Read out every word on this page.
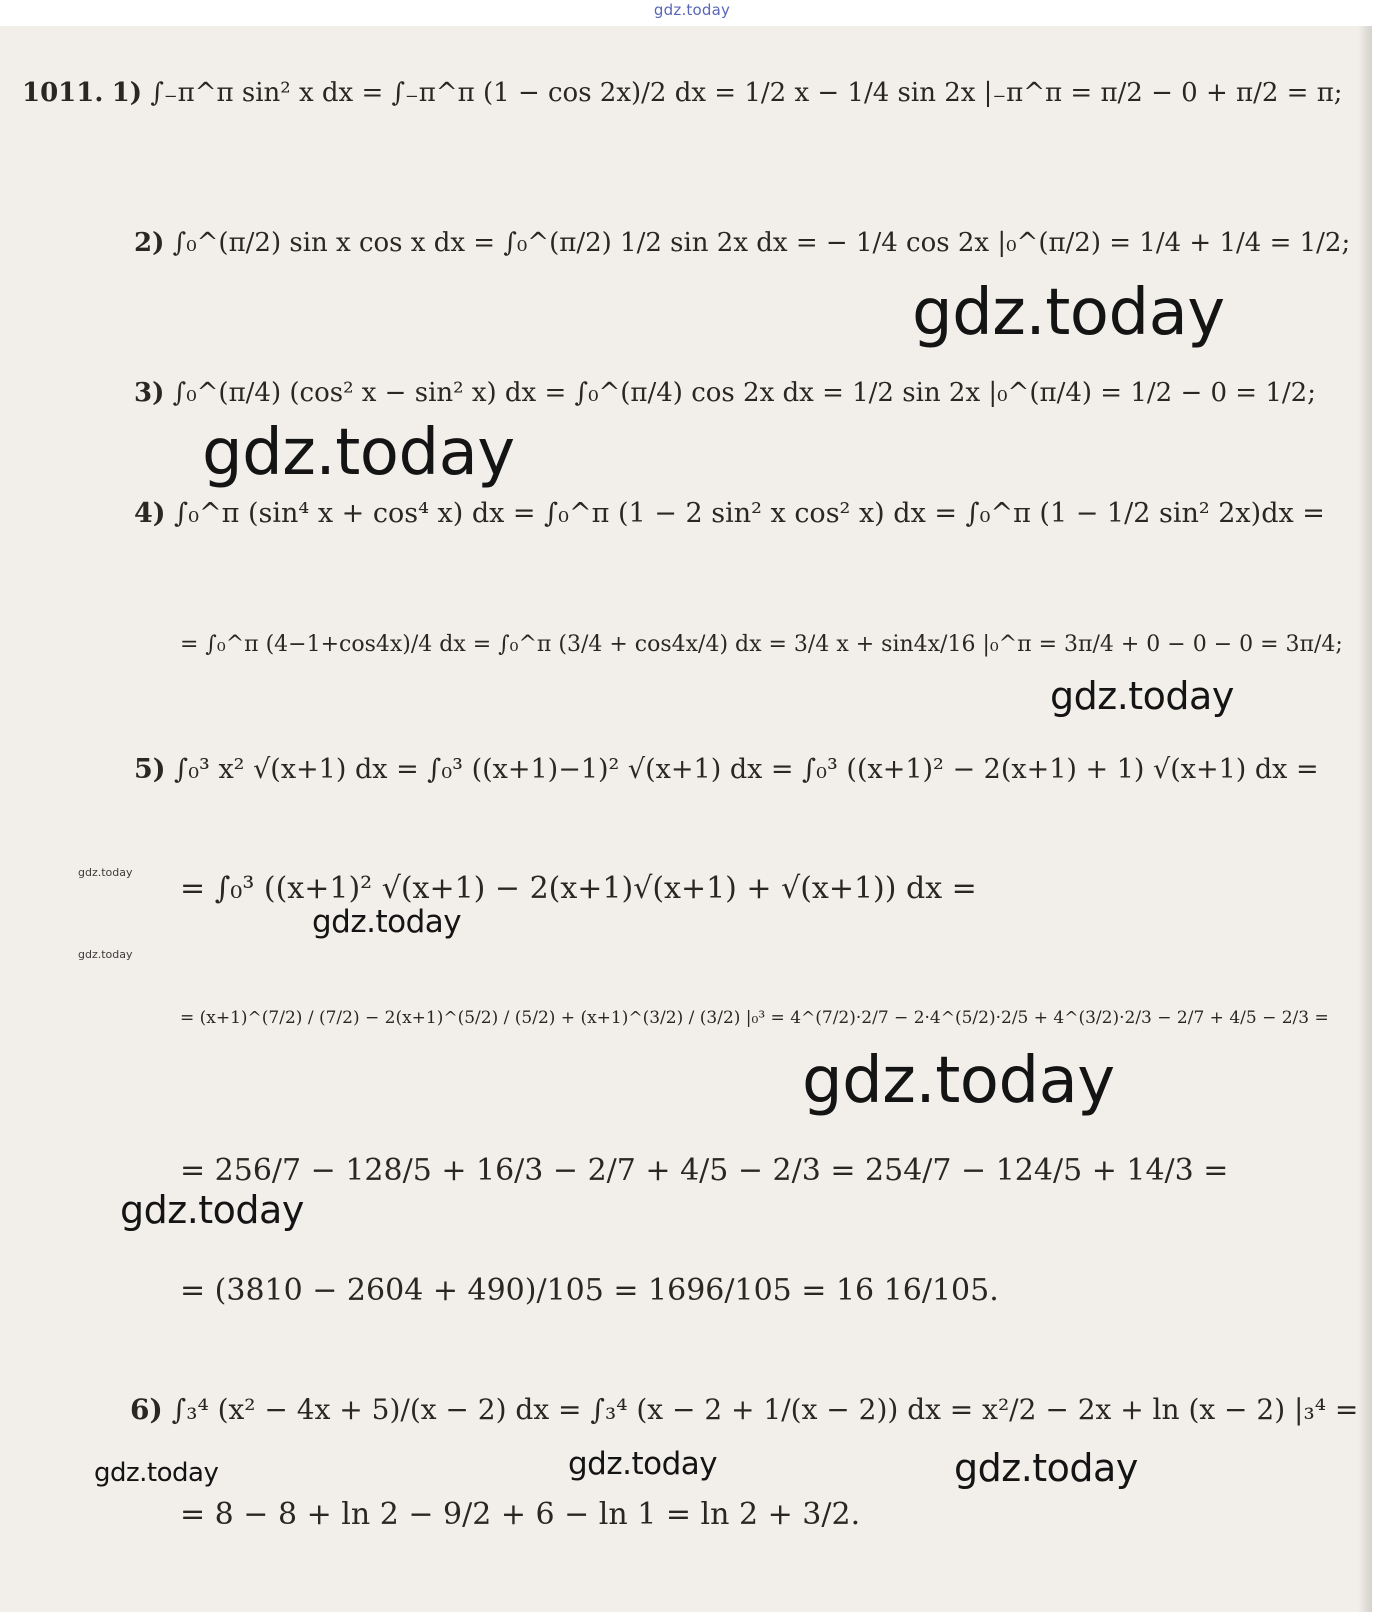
gdz.today
1011. 1) ∫₋π^π sin² x dx = ∫₋π^π (1 − cos 2x)/2 dx = 1/2 x − 1/4 sin 2x |₋π^π = π/2 − 0 + π/2 = π;
2) ∫₀^(π/2) sin x cos x dx = ∫₀^(π/2) 1/2 sin 2x dx = − 1/4 cos 2x |₀^(π/2) = 1/4 + 1/4 = 1/2;
3) ∫₀^(π/4) (cos² x − sin² x) dx = ∫₀^(π/4) cos 2x dx = 1/2 sin 2x |₀^(π/4) = 1/2 − 0 = 1/2;
4) ∫₀^π (sin⁴ x + cos⁴ x) dx = ∫₀^π (1 − 2 sin² x cos² x) dx = ∫₀^π (1 − 1/2 sin² 2x)dx =
= ∫₀^π (4−1+cos4x)/4 dx = ∫₀^π (3/4 + cos4x/4) dx = 3/4 x + sin4x/16 |₀^π = 3π/4 + 0 − 0 − 0 = 3π/4;
5) ∫₀³ x² √(x+1) dx = ∫₀³ ((x+1)−1)² √(x+1) dx = ∫₀³ ((x+1)² − 2(x+1) + 1) √(x+1) dx =
= ∫₀³ ((x+1)² √(x+1) − 2(x+1)√(x+1) + √(x+1)) dx =
= (x+1)^(7/2) / (7/2) − 2(x+1)^(5/2) / (5/2) + (x+1)^(3/2) / (3/2) |₀³ = 4^(7/2)·2/7 − 2·4^(5/2)·2/5 + 4^(3/2)·2/3 − 2/7 + 4/5 − 2/3 =
= 256/7 − 128/5 + 16/3 − 2/7 + 4/5 − 2/3 = 254/7 − 124/5 + 14/3 =
= (3810 − 2604 + 490)/105 = 1696/105 = 16 16/105.
6) ∫₃⁴ (x² − 4x + 5)/(x − 2) dx = ∫₃⁴ (x − 2 + 1/(x − 2)) dx = x²/2 − 2x + ln (x − 2) |₃⁴ =
= 8 − 8 + ln 2 − 9/2 + 6 − ln 1 = ln 2 + 3/2.
gdz.today
gdz.today
gdz.today
gdz.today
gdz.today
gdz.today
gdz.today
gdz.today
gdz.today	gdz.today	gdz.today
